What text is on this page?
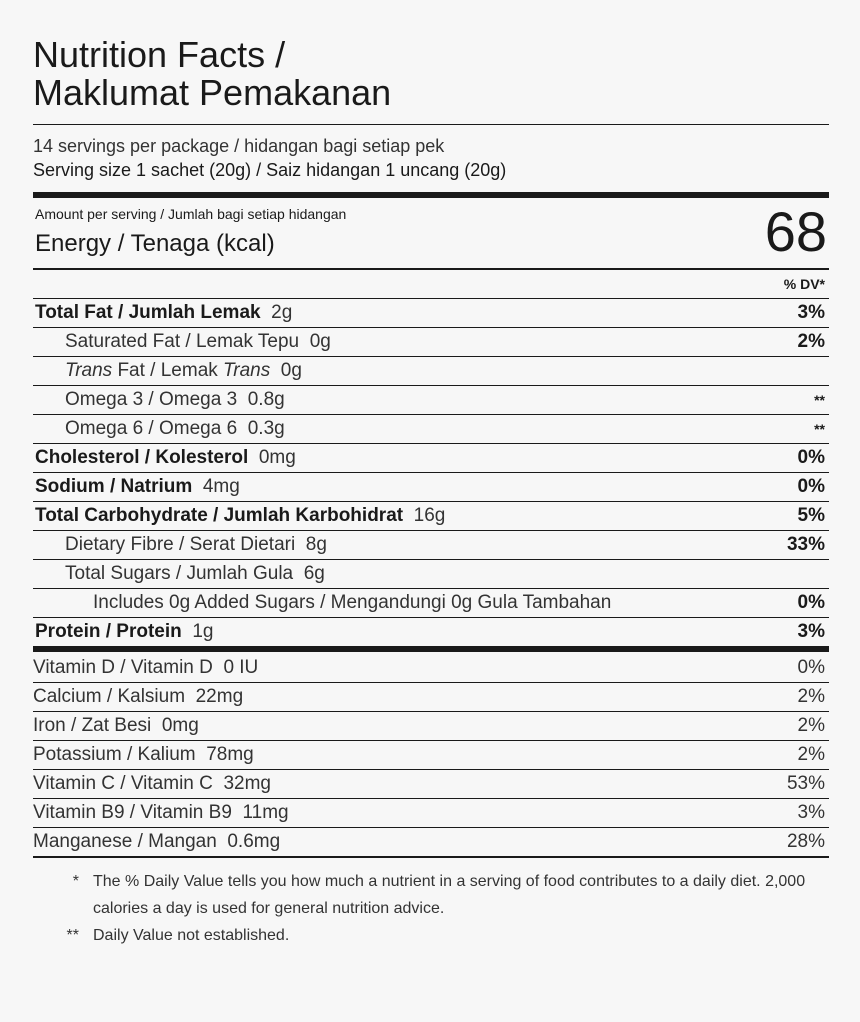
Nutrition Facts /
Maklumat Pemakanan
14 servings per package / hidangan bagi setiap pek
Serving size 1 sachet (20g) / Saiz hidangan 1 uncang (20g)
Amount per serving / Jumlah bagi setiap hidangan
Energy / Tenaga (kcal)	68
% DV*
Total Fat / Jumlah Lemak 2g	3%
Saturated Fat / Lemak Tepu 0g	2%
Trans Fat / Lemak Trans 0g
Omega 3 / Omega 3 0.8g	**
Omega 6 / Omega 6 0.3g	**
Cholesterol / Kolesterol 0mg	0%
Sodium / Natrium 4mg	0%
Total Carbohydrate / Jumlah Karbohidrat 16g	5%
Dietary Fibre / Serat Dietari 8g	33%
Total Sugars / Jumlah Gula 6g
Includes 0g Added Sugars / Mengandungi 0g Gula Tambahan	0%
Protein / Protein 1g	3%
Vitamin D / Vitamin D 0 IU	0%
Calcium / Kalsium 22mg	2%
Iron / Zat Besi 0mg	2%
Potassium / Kalium 78mg	2%
Vitamin C / Vitamin C 32mg	53%
Vitamin B9 / Vitamin B9 11mg	3%
Manganese / Mangan 0.6mg	28%
* The % Daily Value tells you how much a nutrient in a serving of food contributes to a daily diet. 2,000 calories a day is used for general nutrition advice.
** Daily Value not established.
